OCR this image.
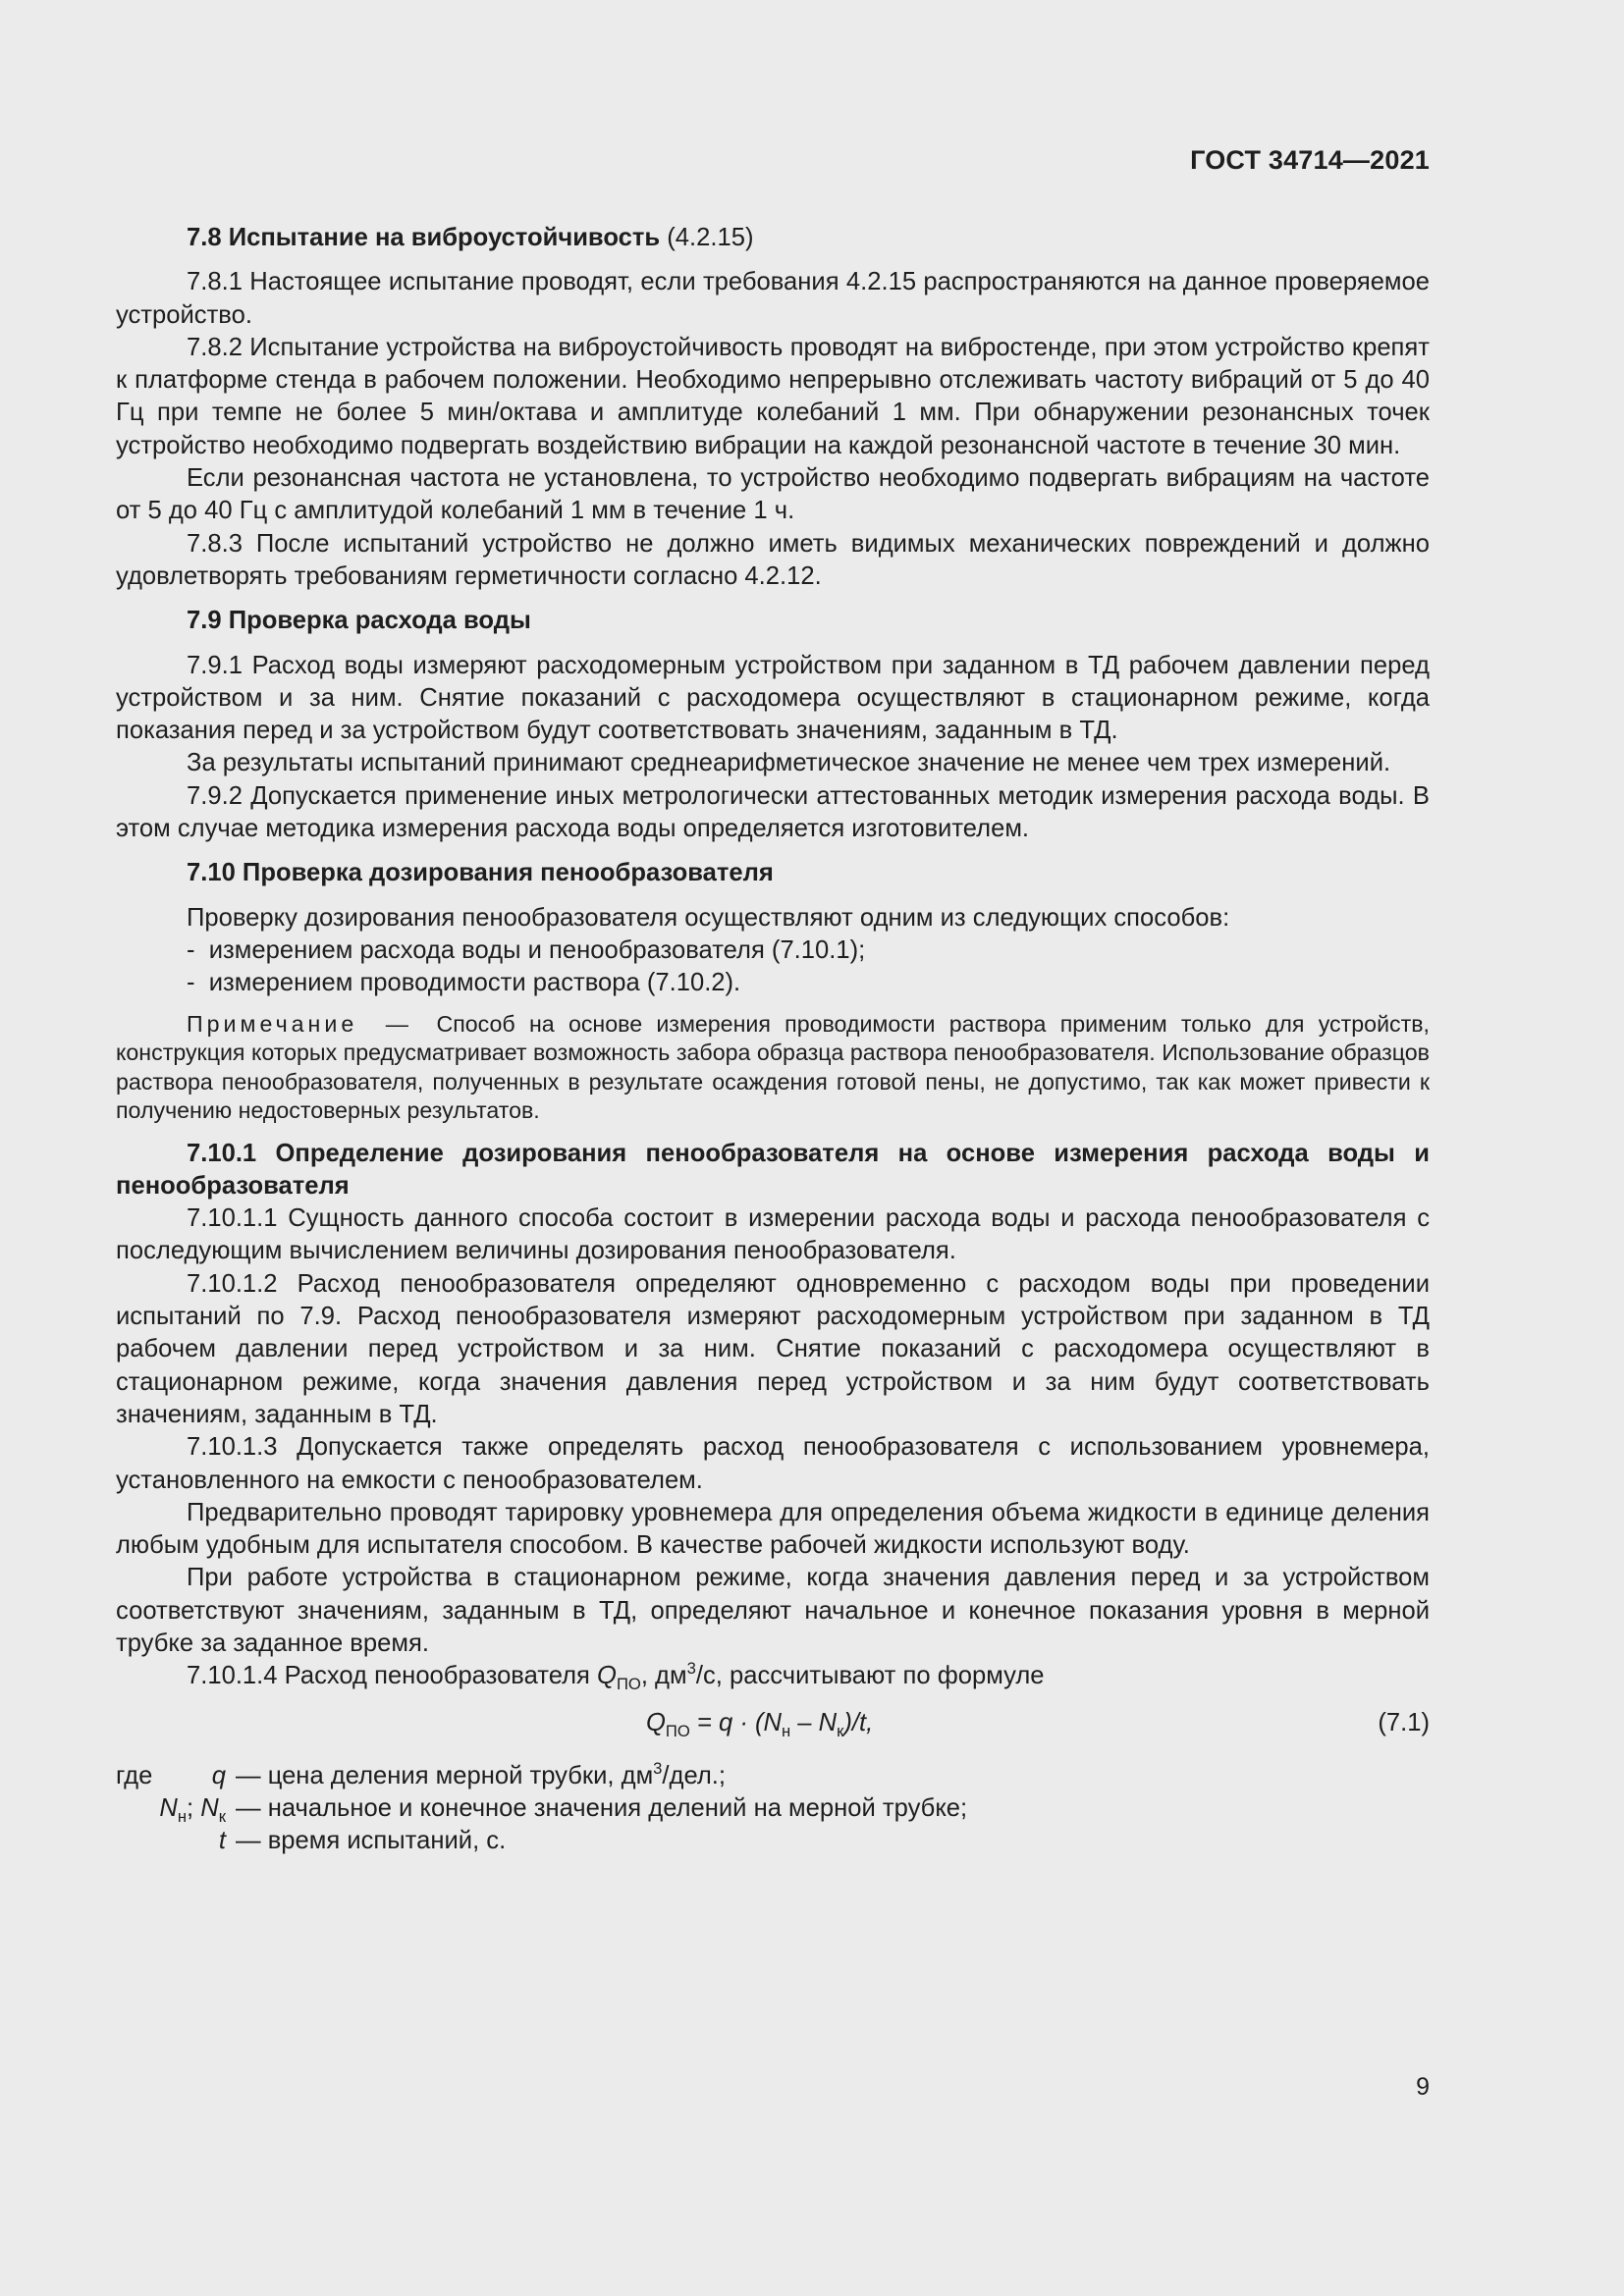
ГОСТ 34714—2021

7.8 Испытание на виброустойчивость (4.2.15)

7.8.1 Настоящее испытание проводят, если требования 4.2.15 распространяются на данное проверяемое устройство.

7.8.2 Испытание устройства на виброустойчивость проводят на вибростенде, при этом устройство крепят к платформе стенда в рабочем положении. Необходимо непрерывно отслеживать частоту вибраций от 5 до 40 Гц при темпе не более 5 мин/октава и амплитуде колебаний 1 мм. При обнаружении резонансных точек устройство необходимо подвергать воздействию вибрации на каждой резонансной частоте в течение 30 мин.

Если резонансная частота не установлена, то устройство необходимо подвергать вибрациям на частоте от 5 до 40 Гц с амплитудой колебаний 1 мм в течение 1 ч.

7.8.3 После испытаний устройство не должно иметь видимых механических повреждений и должно удовлетворять требованиям герметичности согласно 4.2.12.

7.9 Проверка расхода воды

7.9.1 Расход воды измеряют расходомерным устройством при заданном в ТД рабочем давлении перед устройством и за ним. Снятие показаний с расходомера осуществляют в стационарном режиме, когда показания перед и за устройством будут соответствовать значениям, заданным в ТД.

За результаты испытаний принимают среднеарифметическое значение не менее чем трех измерений.

7.9.2 Допускается применение иных метрологически аттестованных методик измерения расхода воды. В этом случае методика измерения расхода воды определяется изготовителем.

7.10 Проверка дозирования пенообразователя

Проверку дозирования пенообразователя осуществляют одним из следующих способов:

-  измерением расхода воды и пенообразователя (7.10.1);

-  измерением проводимости раствора (7.10.2).

Примечание  —  Способ на основе измерения проводимости раствора применим только для устройств, конструкция которых предусматривает возможность забора образца раствора пенообразователя. Использование образцов раствора пенообразователя, полученных в результате осаждения готовой пены, не допустимо, так как может привести к получению недостоверных результатов.

7.10.1 Определение дозирования пенообразователя на основе измерения расхода воды и пенообразователя

7.10.1.1 Сущность данного способа состоит в измерении расхода воды и расхода пенообразователя с последующим вычислением величины дозирования пенообразователя.

7.10.1.2 Расход пенообразователя определяют одновременно с расходом воды при проведении испытаний по 7.9. Расход пенообразователя измеряют расходомерным устройством при заданном в ТД рабочем давлении перед устройством и за ним. Снятие показаний с расходомера осуществляют в стационарном режиме, когда значения давления перед устройством и за ним будут соответствовать значениям, заданным в ТД.

7.10.1.3 Допускается также определять расход пенообразователя с использованием уровнемера, установленного на емкости с пенообразователем.

Предварительно проводят тарировку уровнемера для определения объема жидкости в единице деления любым удобным для испытателя способом. В качестве рабочей жидкости используют воду.

При работе устройства в стационарном режиме, когда значения давления перед и за устройством соответствуют значениям, заданным в ТД, определяют начальное и конечное показания уровня в мерной трубке за заданное время.

7.10.1.4 Расход пенообразователя $Q_{ПО}$, $дм^3/с$, рассчитывают по формуле

$Q_{ПО} = q \cdot (N_н - N_к)/t$,	(7.1)
где q — цена деления мерной трубки, $дм^3$/дел.;
$N_н$; $N_к$ — начальное и конечное значения делений на мерной трубке;
t — время испытаний, с.
9
